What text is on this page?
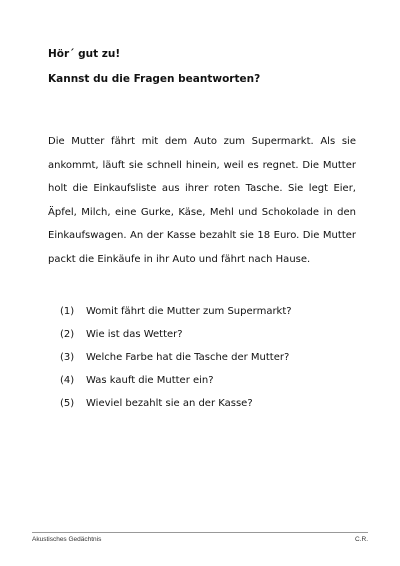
Hör´ gut zu!
Kannst du die Fragen beantworten?
Die Mutter fährt mit dem Auto zum Supermarkt. Als sie
ankommt, läuft sie schnell hinein, weil es regnet. Die Mutter
holt die Einkaufsliste aus ihrer roten Tasche. Sie legt Eier,
Äpfel, Milch, eine Gurke, Käse, Mehl und Schokolade in den
Einkaufswagen. An der Kasse bezahlt sie 18 Euro. Die Mutter
packt die Einkäufe in ihr Auto und fährt nach Hause.
(1) Womit fährt die Mutter zum Supermarkt?
(2) Wie ist das Wetter?
(3) Welche Farbe hat die Tasche der Mutter?
(4) Was kauft die Mutter ein?
(5) Wieviel bezahlt sie an der Kasse?
Akustisches Gedächtnis	C.R.
